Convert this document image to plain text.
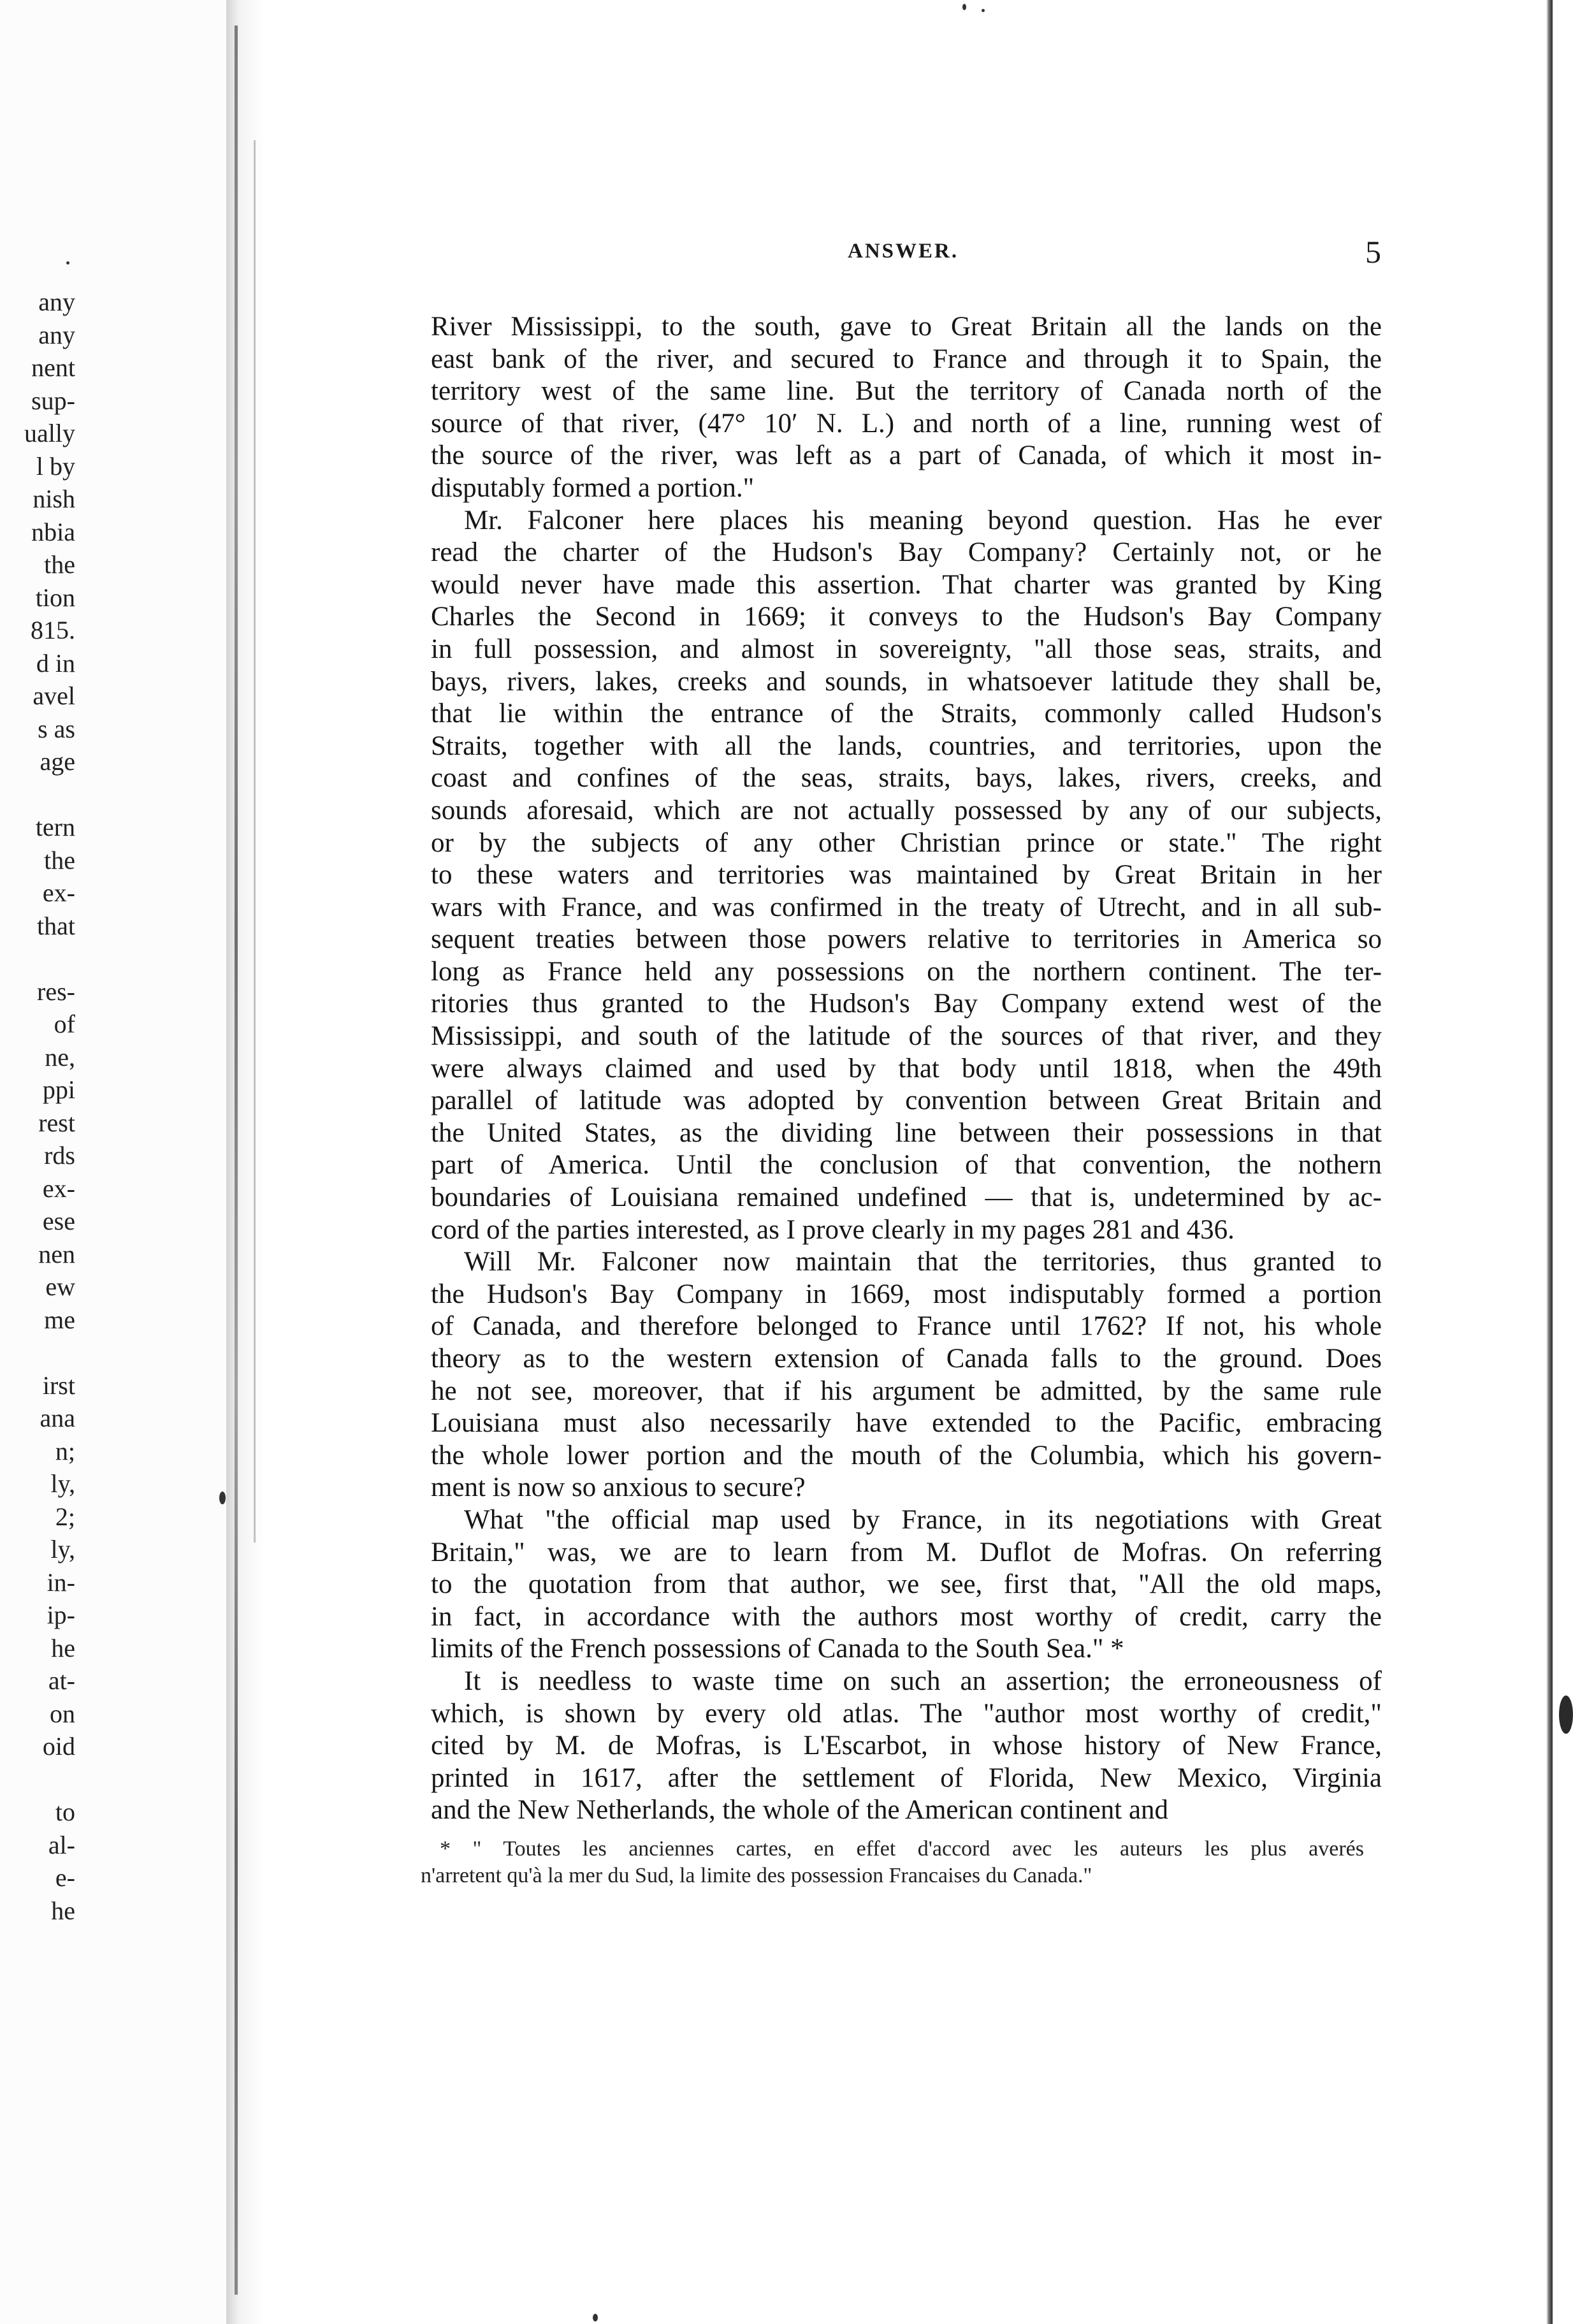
any
any
nent
sup-
ually
l by
nish
nbia
the
tion
815.
d in
avel
s as
age
tern
the
ex-
that
res-
of
ne,
ppi
rest
rds
ex-
ese
nen
ew
me
irst
ana
n;
ly,
2;
ly,
in-
ip-
he
at-
on
oid
to
al-
e-
he
ANSWER.	5
River Mississippi, to the south, gave to Great Britain all the lands on the
east bank of the river, and secured to France and through it to Spain, the
territory west of the same line. But the territory of Canada north of the
source of that river, (47° 10′ N. L.) and north of a line, running west of
the source of the river, was left as a part of Canada, of which it most in-
disputably formed a portion."
Mr. Falconer here places his meaning beyond question. Has he ever
read the charter of the Hudson's Bay Company? Certainly not, or he
would never have made this assertion. That charter was granted by King
Charles the Second in 1669; it conveys to the Hudson's Bay Company
in full possession, and almost in sovereignty, "all those seas, straits, and
bays, rivers, lakes, creeks and sounds, in whatsoever latitude they shall be,
that lie within the entrance of the Straits, commonly called Hudson's
Straits, together with all the lands, countries, and territories, upon the
coast and confines of the seas, straits, bays, lakes, rivers, creeks, and
sounds aforesaid, which are not actually possessed by any of our subjects,
or by the subjects of any other Christian prince or state." The right
to these waters and territories was maintained by Great Britain in her
wars with France, and was confirmed in the treaty of Utrecht, and in all sub-
sequent treaties between those powers relative to territories in America so
long as France held any possessions on the northern continent. The ter-
ritories thus granted to the Hudson's Bay Company extend west of the
Mississippi, and south of the latitude of the sources of that river, and they
were always claimed and used by that body until 1818, when the 49th
parallel of latitude was adopted by convention between Great Britain and
the United States, as the dividing line between their possessions in that
part of America. Until the conclusion of that convention, the nothern
boundaries of Louisiana remained undefined — that is, undetermined by ac-
cord of the parties interested, as I prove clearly in my pages 281 and 436.
Will Mr. Falconer now maintain that the territories, thus granted to
the Hudson's Bay Company in 1669, most indisputably formed a portion
of Canada, and therefore belonged to France until 1762? If not, his whole
theory as to the western extension of Canada falls to the ground. Does
he not see, moreover, that if his argument be admitted, by the same rule
Louisiana must also necessarily have extended to the Pacific, embracing
the whole lower portion and the mouth of the Columbia, which his govern-
ment is now so anxious to secure?
What "the official map used by France, in its negotiations with Great
Britain," was, we are to learn from M. Duflot de Mofras. On referring
to the quotation from that author, we see, first that, "All the old maps,
in fact, in accordance with the authors most worthy of credit, carry the
limits of the French possessions of Canada to the South Sea." *
It is needless to waste time on such an assertion; the erroneousness of
which, is shown by every old atlas. The "author most worthy of credit,"
cited by M. de Mofras, is L'Escarbot, in whose history of New France,
printed in 1617, after the settlement of Florida, New Mexico, Virginia
and the New Netherlands, the whole of the American continent and
* " Toutes les anciennes cartes, en effet d'accord avec les auteurs les plus averés
n'arretent qu'à la mer du Sud, la limite des possession Francaises du Canada."
